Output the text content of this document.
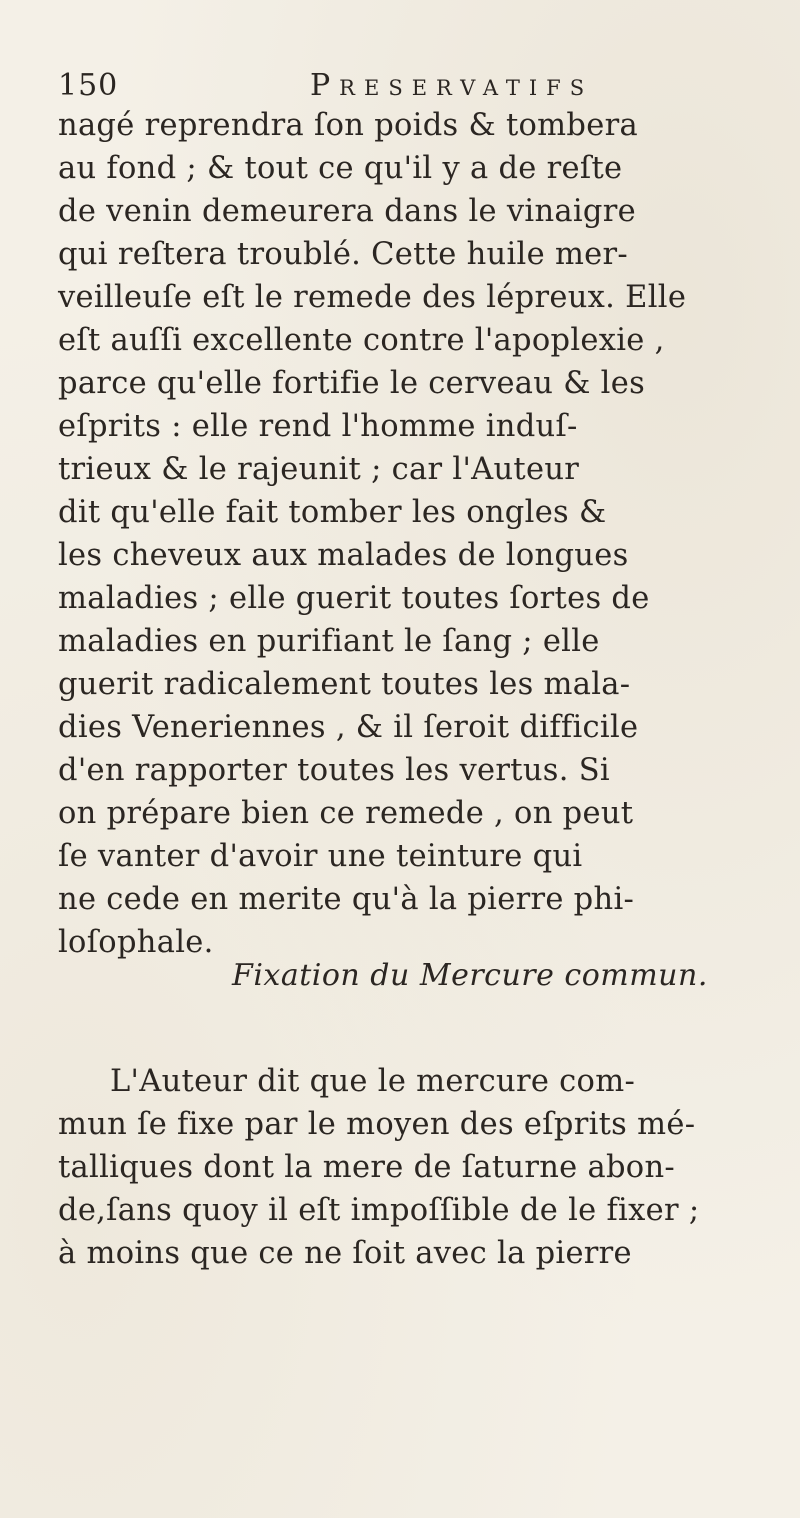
150	Preservatifs
nagé reprendra ſon poids & tombera
au fond ; & tout ce qu'il y a de reſte
de venin demeurera dans le vinaigre
qui reſtera troublé. Cette huile mer-
veilleuſe eſt le remede des lépreux. Elle
eſt auſſi excellente contre l'apoplexie ,
parce qu'elle fortifie le cerveau & les
eſprits : elle rend l'homme induſ-
trieux & le rajeunit ; car l'Auteur
dit qu'elle fait tomber les ongles &
les cheveux aux malades de longues
maladies ; elle guerit toutes ſortes de
maladies en purifiant le ſang ; elle
guerit radicalement toutes les mala-
dies Veneriennes , & il ſeroit difficile
d'en rapporter toutes les vertus. Si
on prépare bien ce remede , on peut
ſe vanter d'avoir une teinture qui
ne cede en merite qu'à la pierre phi-
loſophale.
Fixation du Mercure commun.
L'Auteur dit que le mercure com-
mun ſe fixe par le moyen des eſprits mé-
talliques dont la mere de ſaturne abon-
de,ſans quoy il eſt impoſſible de le fixer ;
à moins que ce ne ſoit avec la pierre
